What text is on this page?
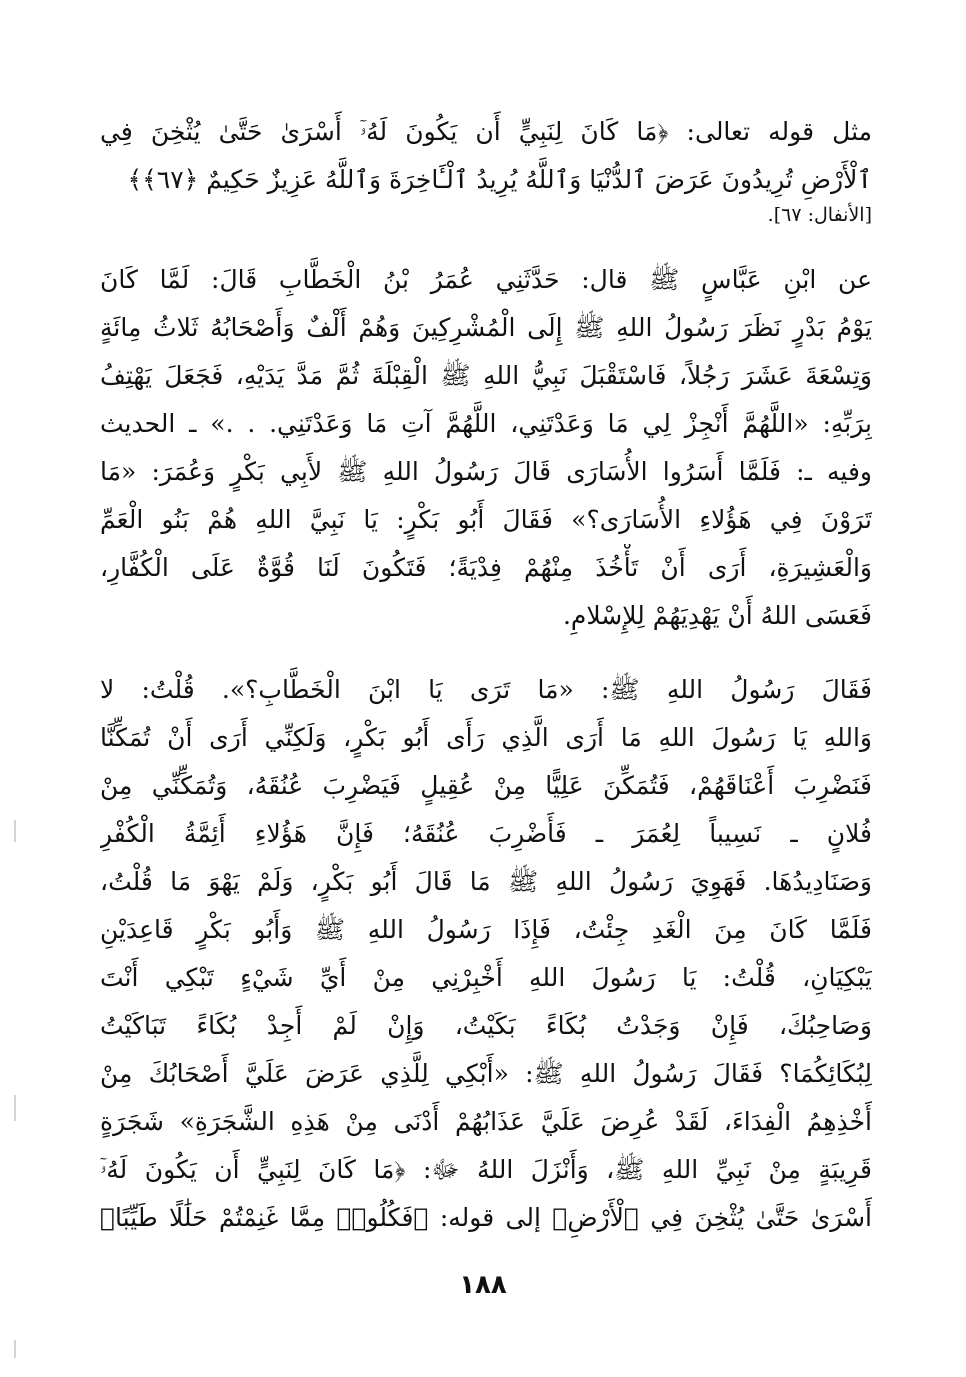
مثل قوله تعالى: ﴿مَا كَانَ لِنَبِيٍّ أَن يَكُونَ لَهُۥٓ أَسْرَىٰ حَتَّىٰ يُثْخِنَ فِي
ٱلْأَرْضِ تُرِيدُونَ عَرَضَ ٱلدُّنْيَا وَٱللَّهُ يُرِيدُ ٱلْـَٔاخِرَةَ وَٱللَّهُ عَزِيزٌ حَكِيمٌ ﴿٦٧﴾﴾
[الأنفال: ٦٧].
عن ابْنِ عَبَّاسٍ ﷺ قال: حَدَّثَنِي عُمَرُ بْنُ الْخَطَّابِ قَالَ: لَمَّا كَانَ
يَوْمُ بَدْرٍ نَظَرَ رَسُولُ اللهِ ﷺ إِلَى الْمُشْرِكِينَ وَهُمْ أَلْفٌ وَأَصْحَابُهُ ثَلاثُ مِائَةٍ
وَتِسْعَةَ عَشَرَ رَجُلاً، فَاسْتَقْبَلَ نَبِيُّ اللهِ ﷺ الْقِبْلَةَ ثُمَّ مَدَّ يَدَيْهِ، فَجَعَلَ يَهْتِفُ
بِرَبِّهِ: «اللَّهُمَّ أَنْجِزْ لِي مَا وَعَدْتَنِي، اللَّهُمَّ آتِ مَا وَعَدْتَنِي. . .» ـ الحديث
وفيه ـ: فَلَمَّا أَسَرُوا الأُسَارَى قَالَ رَسُولُ اللهِ ﷺ لأَبِي بَكْرٍ وَعُمَرَ: «مَا
تَرَوْنَ فِي هَؤُلاءِ الأُسَارَى؟» فَقَالَ أَبُو بَكْرٍ: يَا نَبِيَّ اللهِ هُمْ بَنُو الْعَمِّ
وَالْعَشِيرَةِ، أَرَى أَنْ تَأْخُذَ مِنْهُمْ فِدْيَةً؛ فَتَكُونَ لَنَا قُوَّةٌ عَلَى الْكُفَّارِ،
فَعَسَى اللهُ أَنْ يَهْدِيَهُمْ لِلإِسْلامِ.
فَقَالَ رَسُولُ اللهِ ﷺ: «مَا تَرَى يَا ابْنَ الْخَطَّابِ؟». قُلْتُ: لا
وَاللهِ يَا رَسُولَ اللهِ مَا أَرَى الَّذِي رَأَى أَبُو بَكْرٍ، وَلَكِنِّي أَرَى أَنْ تُمَكِّنَّا
فَنَضْرِبَ أَعْنَاقَهُمْ، فَتُمَكِّنَ عَلِيًّا مِنْ عُقِيلٍ فَيَضْرِبَ عُنُقَهُ، وَتُمَكِّنِّي مِنْ
فُلانٍ ـ نَسِيباً لِعُمَرَ ـ فَأَضْرِبَ عُنُقَهُ؛ فَإِنَّ هَؤُلاءِ أَئِمَّةُ الْكُفْرِ
وَصَنَادِيدُهَا. فَهَوِيَ رَسُولُ اللهِ ﷺ مَا قَالَ أَبُو بَكْرٍ، وَلَمْ يَهْوَ مَا قُلْتُ،
فَلَمَّا كَانَ مِنَ الْغَدِ جِئْتُ، فَإِذَا رَسُولُ اللهِ ﷺ وَأَبُو بَكْرٍ قَاعِدَيْنِ
يَبْكِيَانِ، قُلْتُ: يَا رَسُولَ اللهِ أَخْبِرْنِي مِنْ أَيِّ شَيْءٍ تَبْكِي أَنْتَ
وَصَاحِبُكَ، فَإِنْ وَجَدْتُ بُكَاءً بَكَيْتُ، وَإِنْ لَمْ أَجِدْ بُكَاءً تَبَاكَيْتُ
لِبُكَائِكُمَا؟ فَقَالَ رَسُولُ اللهِ ﷺ: «أَبْكِي لِلَّذِي عَرَضَ عَلَيَّ أَصْحَابُكَ مِنْ
أَخْذِهِمُ الْفِدَاءَ، لَقَدْ عُرِضَ عَلَيَّ عَذَابُهُمْ أَدْنَى مِنْ هَذِهِ الشَّجَرَةِ» شَجَرَةٍ
قَرِيبَةٍ مِنْ نَبِيِّ اللهِ ﷺ، وَأَنْزَلَ اللهُ ﷻ: ﴿مَا كَانَ لِنَبِيٍّ أَن يَكُونَ لَهُۥٓ
أَسْرَىٰ حَتَّىٰ يُثْخِنَ فِي ٱلْأَرْضِ﴾ إلى قوله: ﴿فَكُلُوا۟ مِمَّا غَنِمْتُمْ حَلَٰلًا طَيِّبًا﴾
١٨٨
